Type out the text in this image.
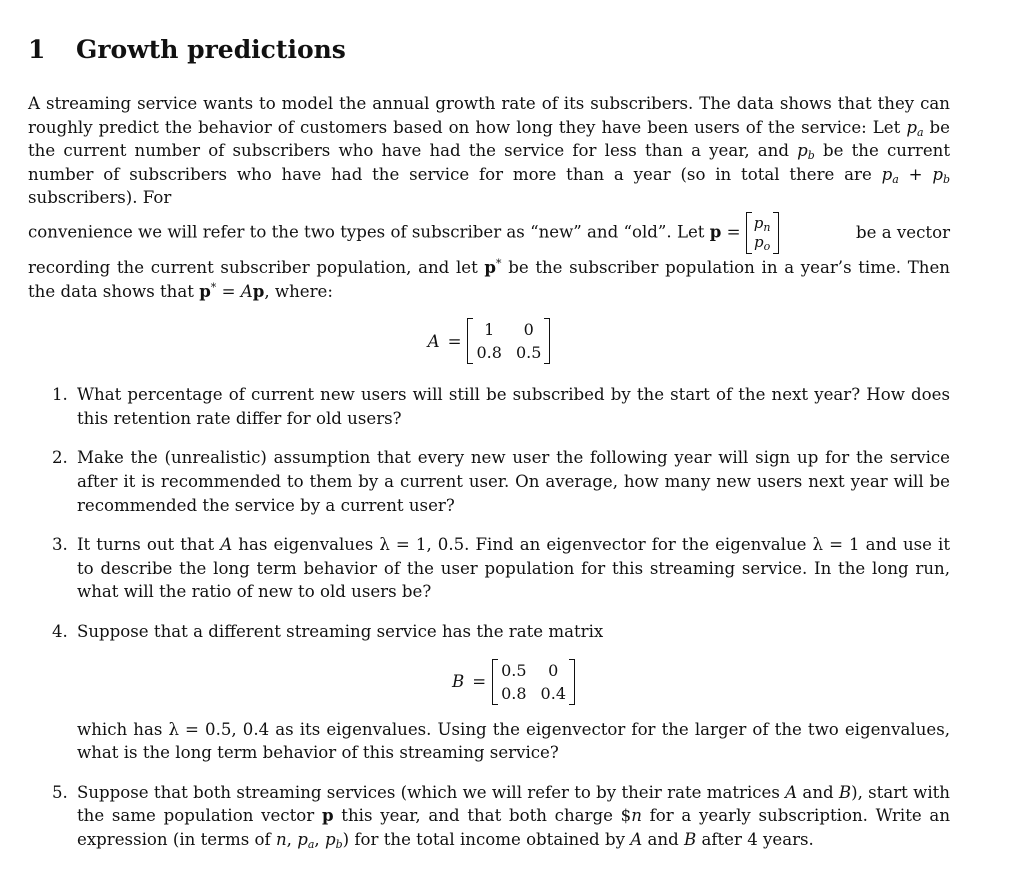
1 Growth predictions

A streaming service wants to model the annual growth rate of its subscribers. The data shows that they can roughly predict the behavior of customers based on how long they have been users of the service: Let $p_a$ be the current number of subscribers who have had the service for less than a year, and $p_b$ be the current number of subscribers who have had the service for more than a year (so in total there are $p_a + p_b$ subscribers). For

convenience we will refer to the two types of subscriber as “new” and “old”. Let $p = p_n$
$p_o$
be a vector

recording the current subscriber population, and let p* be the subscriber population in a year’s time. Then the data shows that p* = Ap, where:

A =
1	0
0.8 0.5
1. What percentage of current new users will still be subscribed by the start of the next year? How does this retention rate differ for old users?
2. Make the (unrealistic) assumption that every new user the following year will sign up for the service after it is recommended to them by a current user. On average, how many new users next year will be recommended the service by a current user?
3. It turns out that A has eigenvalues λ = 1, 0.5. Find an eigenvector for the eigenvalue λ = 1 and use it to describe the long term behavior of the user population for this streaming service. In the long run, what will the ratio of new to old users be?
4. Suppose that a different streaming service has the rate matrix
B =
0.5	0
0.8 0.4
which has λ = 0.5, 0.4 as its eigenvalues. Using the eigenvector for the larger of the two eigenvalues, what is the long term behavior of this streaming service?
5. Suppose that both streaming services (which we will refer to by their rate matrices A and B), start with the same population vector p this year, and that both charge $n for a yearly subscription. Write an expression (in terms of n, $p_a$, $p_b$) for the total income obtained by A and B after 4 years.
